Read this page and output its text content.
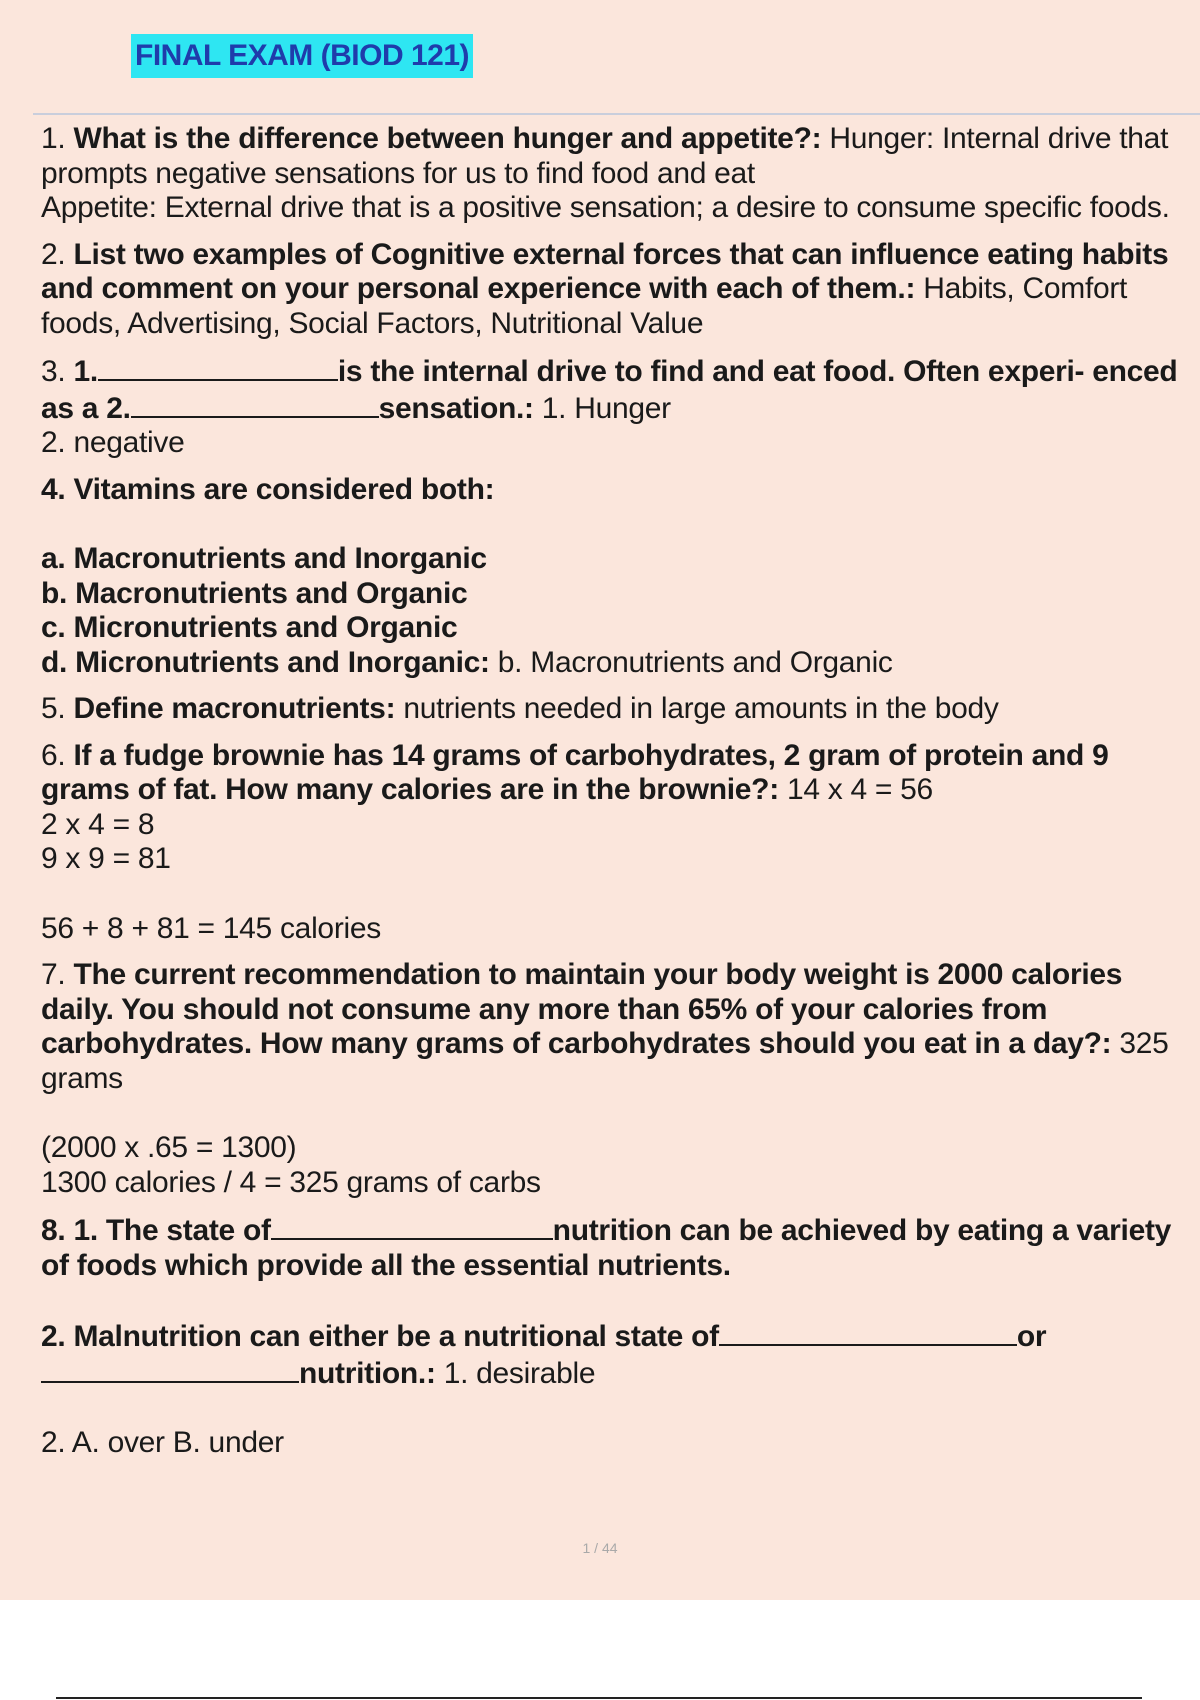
FINAL EXAM (BIOD 121)
1. What is the difference between hunger and appetite?: Hunger: Internal drive that prompts negative sensations for us to find food and eat
Appetite: External drive that is a positive sensation; a desire to consume specific foods.
2. List two examples of Cognitive external forces that can influence eating habits and comment on your personal experience with each of them.: Habits, Comfort foods, Advertising, Social Factors, Nutritional Value
3. 1.	is the internal drive to find and eat food. Often experi- enced as a 2.	sensation.: 1. Hunger
2. negative
4. Vitamins are considered both:
a. Macronutrients and Inorganic
b. Macronutrients and Organic
c. Micronutrients and Organic
d. Micronutrients and Inorganic: b. Macronutrients and Organic
5. Define macronutrients: nutrients needed in large amounts in the body
6. If a fudge brownie has 14 grams of carbohydrates, 2 gram of protein and 9 grams of fat. How many calories are in the brownie?: 14 x 4 = 56
2 x 4 = 8
9 x 9 = 81
56 + 8 + 81 = 145 calories
7. The current recommendation to maintain your body weight is 2000 calories daily. You should not consume any more than 65% of your calories from carbohydrates. How many grams of carbohydrates should you eat in a day?: 325 grams
(2000 x .65 = 1300)
1300 calories / 4 = 325 grams of carbs
8. 1. The state of	nutrition can be achieved by eating a variety of foods which provide all the essential nutrients.
2. Malnutrition can either be a nutritional state of	or
nutrition.: 1. desirable
2. A. over B. under
1 / 44
